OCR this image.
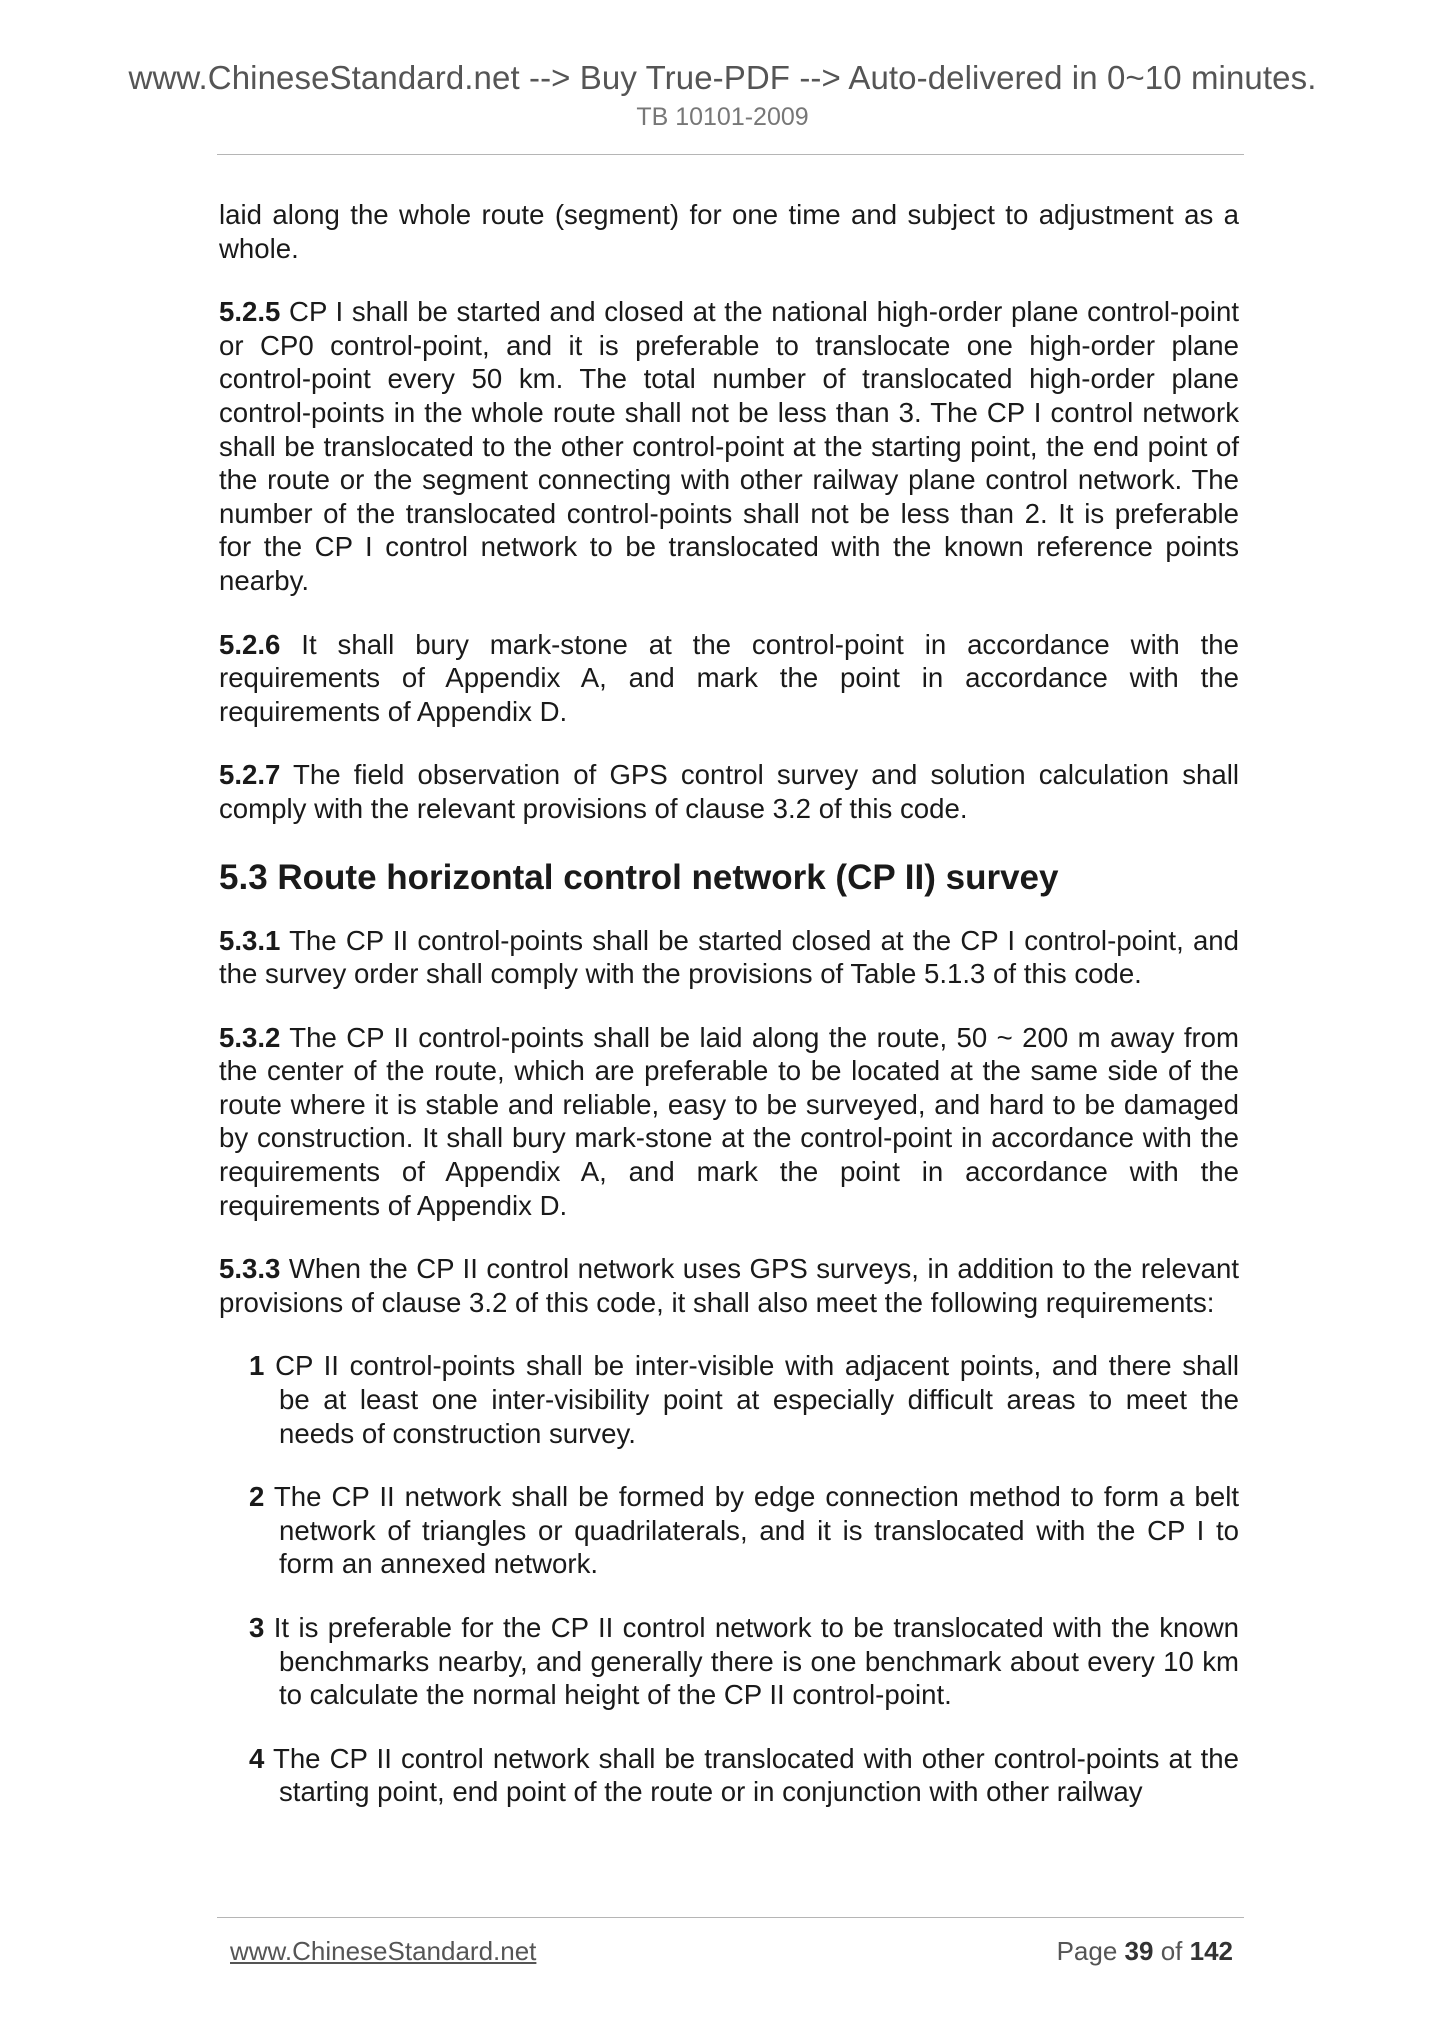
www.ChineseStandard.net --> Buy True-PDF --> Auto-delivered in 0~10 minutes.
TB 10101-2009

laid along the whole route (segment) for one time and subject to adjustment as a whole.

5.2.5 CP I shall be started and closed at the national high-order plane control-point or CP0 control-point, and it is preferable to translocate one high-order plane control-point every 50 km. The total number of translocated high-order plane control-points in the whole route shall not be less than 3. The CP I control network shall be translocated to the other control-point at the starting point, the end point of the route or the segment connecting with other railway plane control network. The number of the translocated control-points shall not be less than 2. It is preferable for the CP I control network to be translocated with the known reference points nearby.

5.2.6 It shall bury mark-stone at the control-point in accordance with the requirements of Appendix A, and mark the point in accordance with the requirements of Appendix D.

5.2.7 The field observation of GPS control survey and solution calculation shall comply with the relevant provisions of clause 3.2 of this code.

5.3 Route horizontal control network (CP II) survey

5.3.1 The CP II control-points shall be started closed at the CP I control-point, and the survey order shall comply with the provisions of Table 5.1.3 of this code.

5.3.2 The CP II control-points shall be laid along the route, 50 ~ 200 m away from the center of the route, which are preferable to be located at the same side of the route where it is stable and reliable, easy to be surveyed, and hard to be damaged by construction. It shall bury mark-stone at the control-point in accordance with the requirements of Appendix A, and mark the point in accordance with the requirements of Appendix D.

5.3.3 When the CP II control network uses GPS surveys, in addition to the relevant provisions of clause 3.2 of this code, it shall also meet the following requirements:

1 CP II control-points shall be inter-visible with adjacent points, and there shall be at least one inter-visibility point at especially difficult areas to meet the needs of construction survey.

2 The CP II network shall be formed by edge connection method to form a belt network of triangles or quadrilaterals, and it is translocated with the CP I to form an annexed network.

3 It is preferable for the CP II control network to be translocated with the known benchmarks nearby, and generally there is one benchmark about every 10 km to calculate the normal height of the CP II control-point.

4 The CP II control network shall be translocated with other control-points at the starting point, end point of the route or in conjunction with other railway

www.ChineseStandard.net	Page 39 of 142
